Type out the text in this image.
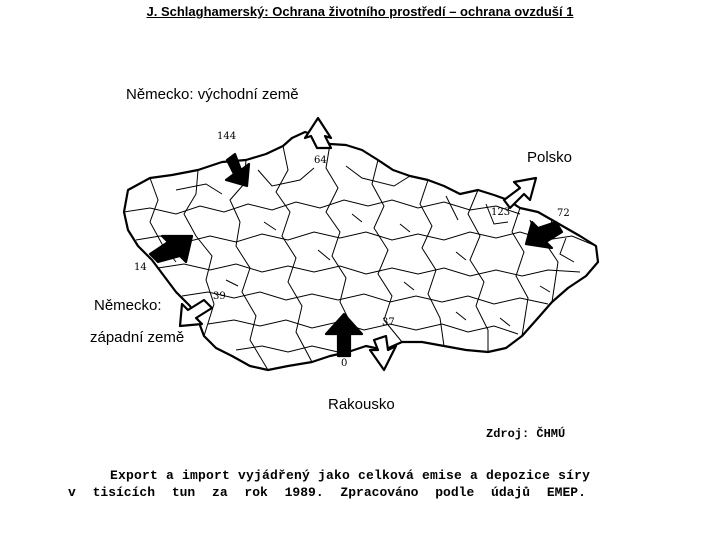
J. Schlaghamerský: Ochrana životního prostředí – ochrana ovzduší 1
Německo: východní země
Polsko
Německo:
západní země
Rakousko
144
64
123	72
14
39
37
0
Zdroj: ČHMÚ
Export a import vyjádřený jako celková emise a depozice síry
v tisících tun za rok 1989. Zpracováno podle údajů EMEP.
